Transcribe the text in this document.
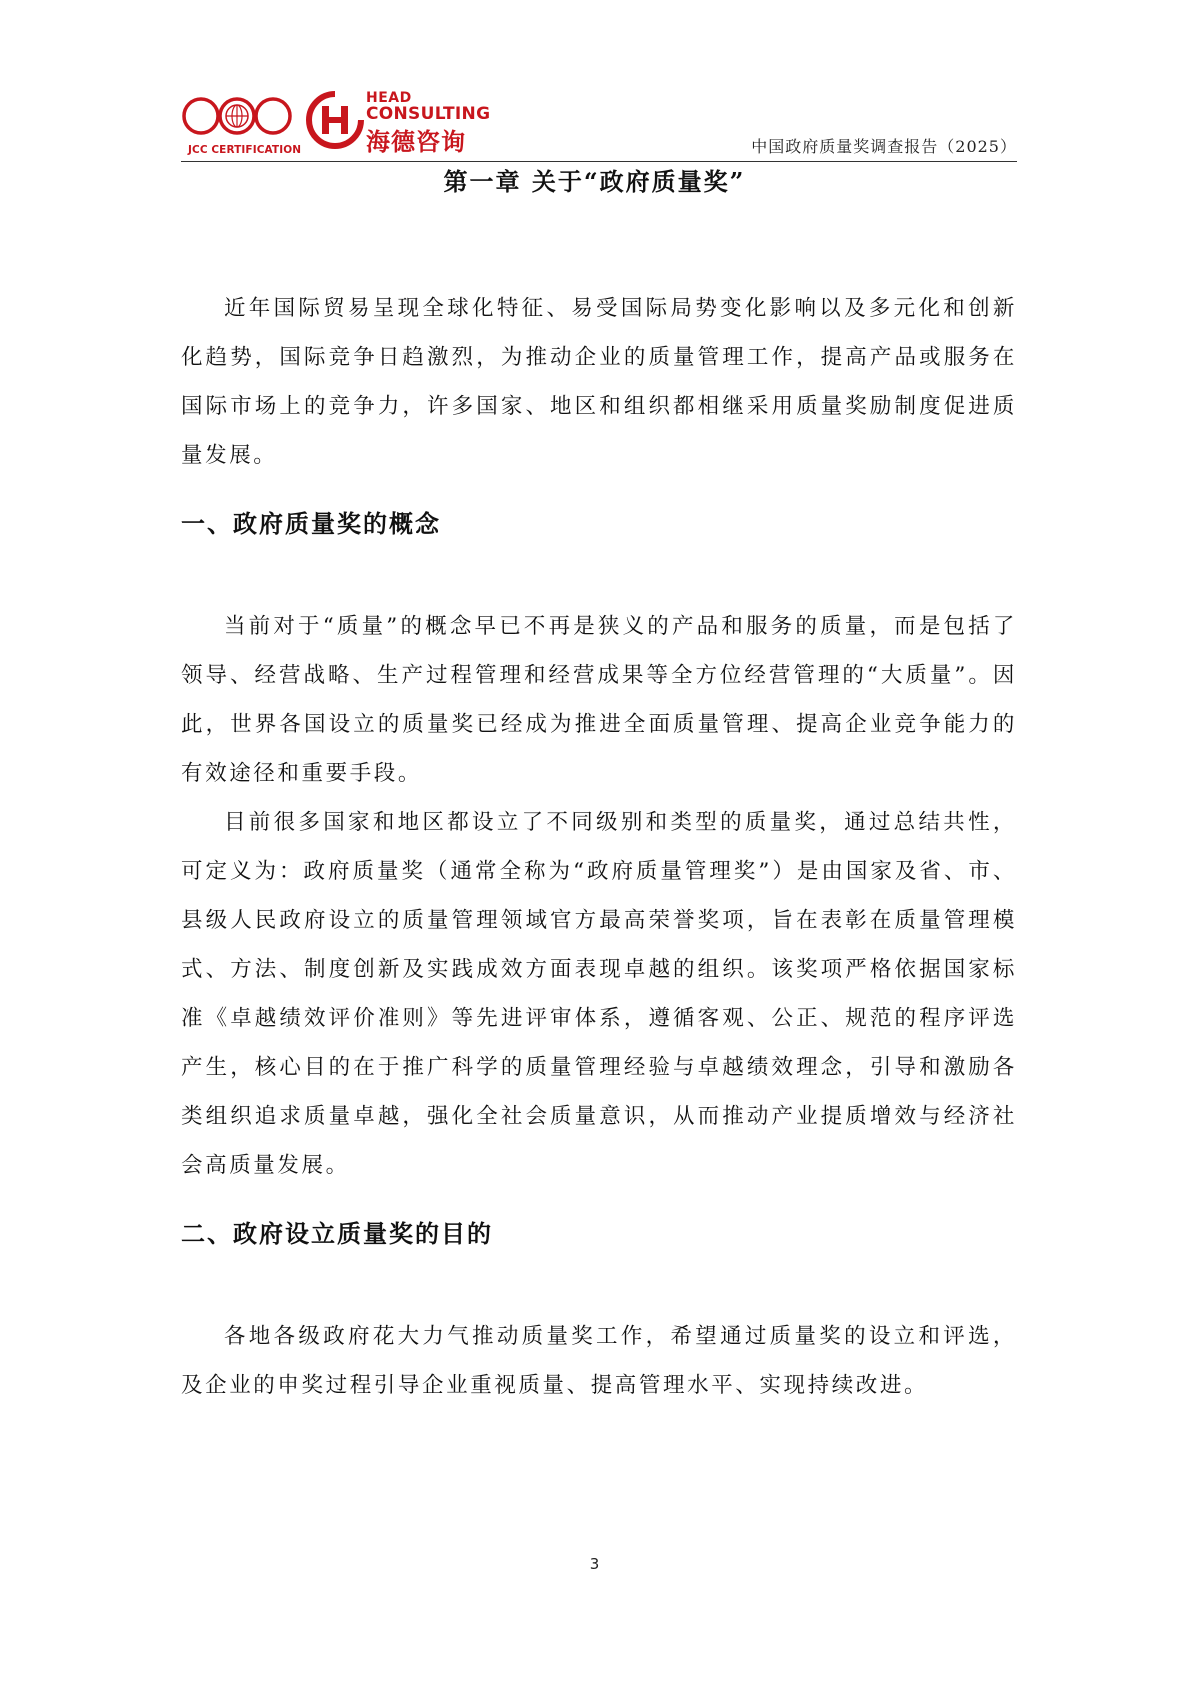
JCC CERTIFICATION
HEAD
CONSULTING
海德咨询	中国政府质量奖调查报告（2025）
第一章 关于“政府质量奖”

近年国际贸易呈现全球化特征、易受国际局势变化影响以及多元化和创新化趋势，国际竞争日趋激烈，为推动企业的质量管理工作，提高产品或服务在国际市场上的竞争力，许多国家、地区和组织都相继采用质量奖励制度促进质量发展。

一、政府质量奖的概念

当前对于“质量”的概念早已不再是狭义的产品和服务的质量，而是包括了领导、经营战略、生产过程管理和经营成果等全方位经营管理的“大质量”。因此，世界各国设立的质量奖已经成为推进全面质量管理、提高企业竞争能力的有效途径和重要手段。

目前很多国家和地区都设立了不同级别和类型的质量奖，通过总结共性，可定义为：政府质量奖（通常全称为“政府质量管理奖”）是由国家及省、市、县级人民政府设立的质量管理领域官方最高荣誉奖项，旨在表彰在质量管理模式、方法、制度创新及实践成效方面表现卓越的组织。该奖项严格依据国家标准《卓越绩效评价准则》等先进评审体系，遵循客观、公正、规范的程序评选产生，核心目的在于推广科学的质量管理经验与卓越绩效理念，引导和激励各类组织追求质量卓越，强化全社会质量意识，从而推动产业提质增效与经济社会高质量发展。

二、政府设立质量奖的目的

各地各级政府花大力气推动质量奖工作，希望通过质量奖的设立和评选，及企业的申奖过程引导企业重视质量、提高管理水平、实现持续改进。

3
